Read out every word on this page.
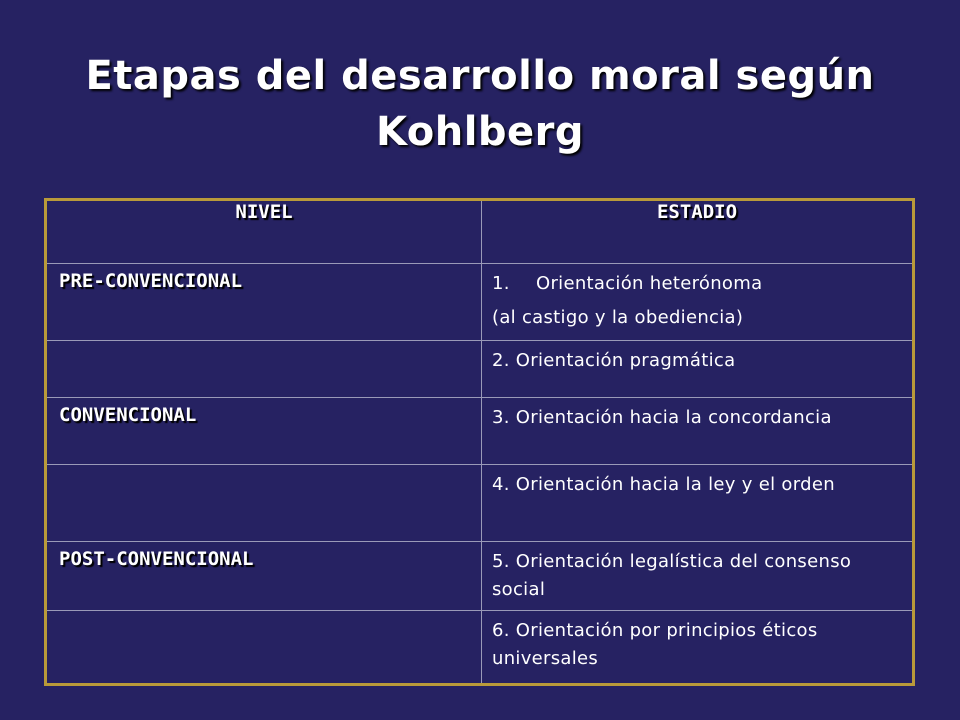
Etapas del desarrollo moral según Kohlberg
NIVEL	ESTADIO

PRE-CONVENCIONAL	1. Orientación heterónoma
(al castigo y la obediencia)

	2. Orientación pragmática

CONVENCIONAL	3. Orientación hacia la concordancia

	4. Orientación hacia la ley y el orden

POST-CONVENCIONAL	5. Orientación legalística del consenso social

	6. Orientación por principios éticos universales
